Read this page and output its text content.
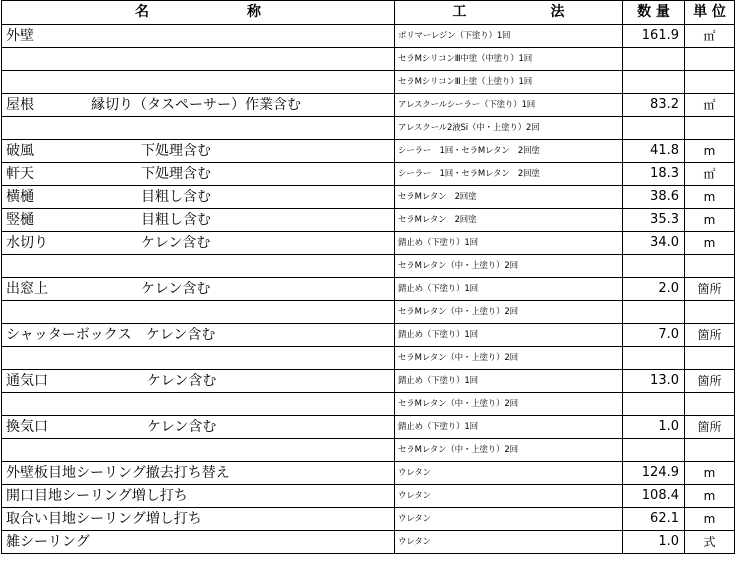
名　　　　　　　称	工　　　　　　法	数 量	単 位
外壁	ポリマーレジン（下塗り）1回	161.9	㎡
	セラMシリコンⅢ中塗（中塗り）1回		
	セラMシリコンⅢ上塗（上塗り）1回		
屋根 縁切り（タスペーサー）作業含む	アレスクールシーラー（下塗り）1回	83.2	㎡
	アレスクール2液Si（中・上塗り）2回		
破風 下処理含む	シーラー　1回・セラMレタン　2回塗	41.8	m
軒天 下処理含む	シーラー　1回・セラMレタン　2回塗	18.3	㎡
横樋 目粗し含む	セラMレタン　2回塗	38.6	m
竪樋 目粗し含む	セラMレタン　2回塗	35.3	m
水切り ケレン含む	錆止め（下塗り）1回	34.0	m
	セラMレタン（中・上塗り）2回		
出窓上 ケレン含む	錆止め（下塗り）1回	2.0	箇所
	セラMレタン（中・上塗り）2回		
シャッターボックス ケレン含む	錆止め（下塗り）1回	7.0	箇所
	セラMレタン（中・上塗り）2回		
通気口 ケレン含む	錆止め（下塗り）1回	13.0	箇所
	セラMレタン（中・上塗り）2回		
換気口 ケレン含む	錆止め（下塗り）1回	1.0	箇所
	セラMレタン（中・上塗り）2回		
外壁板目地シーリング撤去打ち替え	ウレタン	124.9	m
開口目地シーリング増し打ち	ウレタン	108.4	m
取合い目地シーリング増し打ち	ウレタン	62.1	m
雑シーリング	ウレタン	1.0	式
